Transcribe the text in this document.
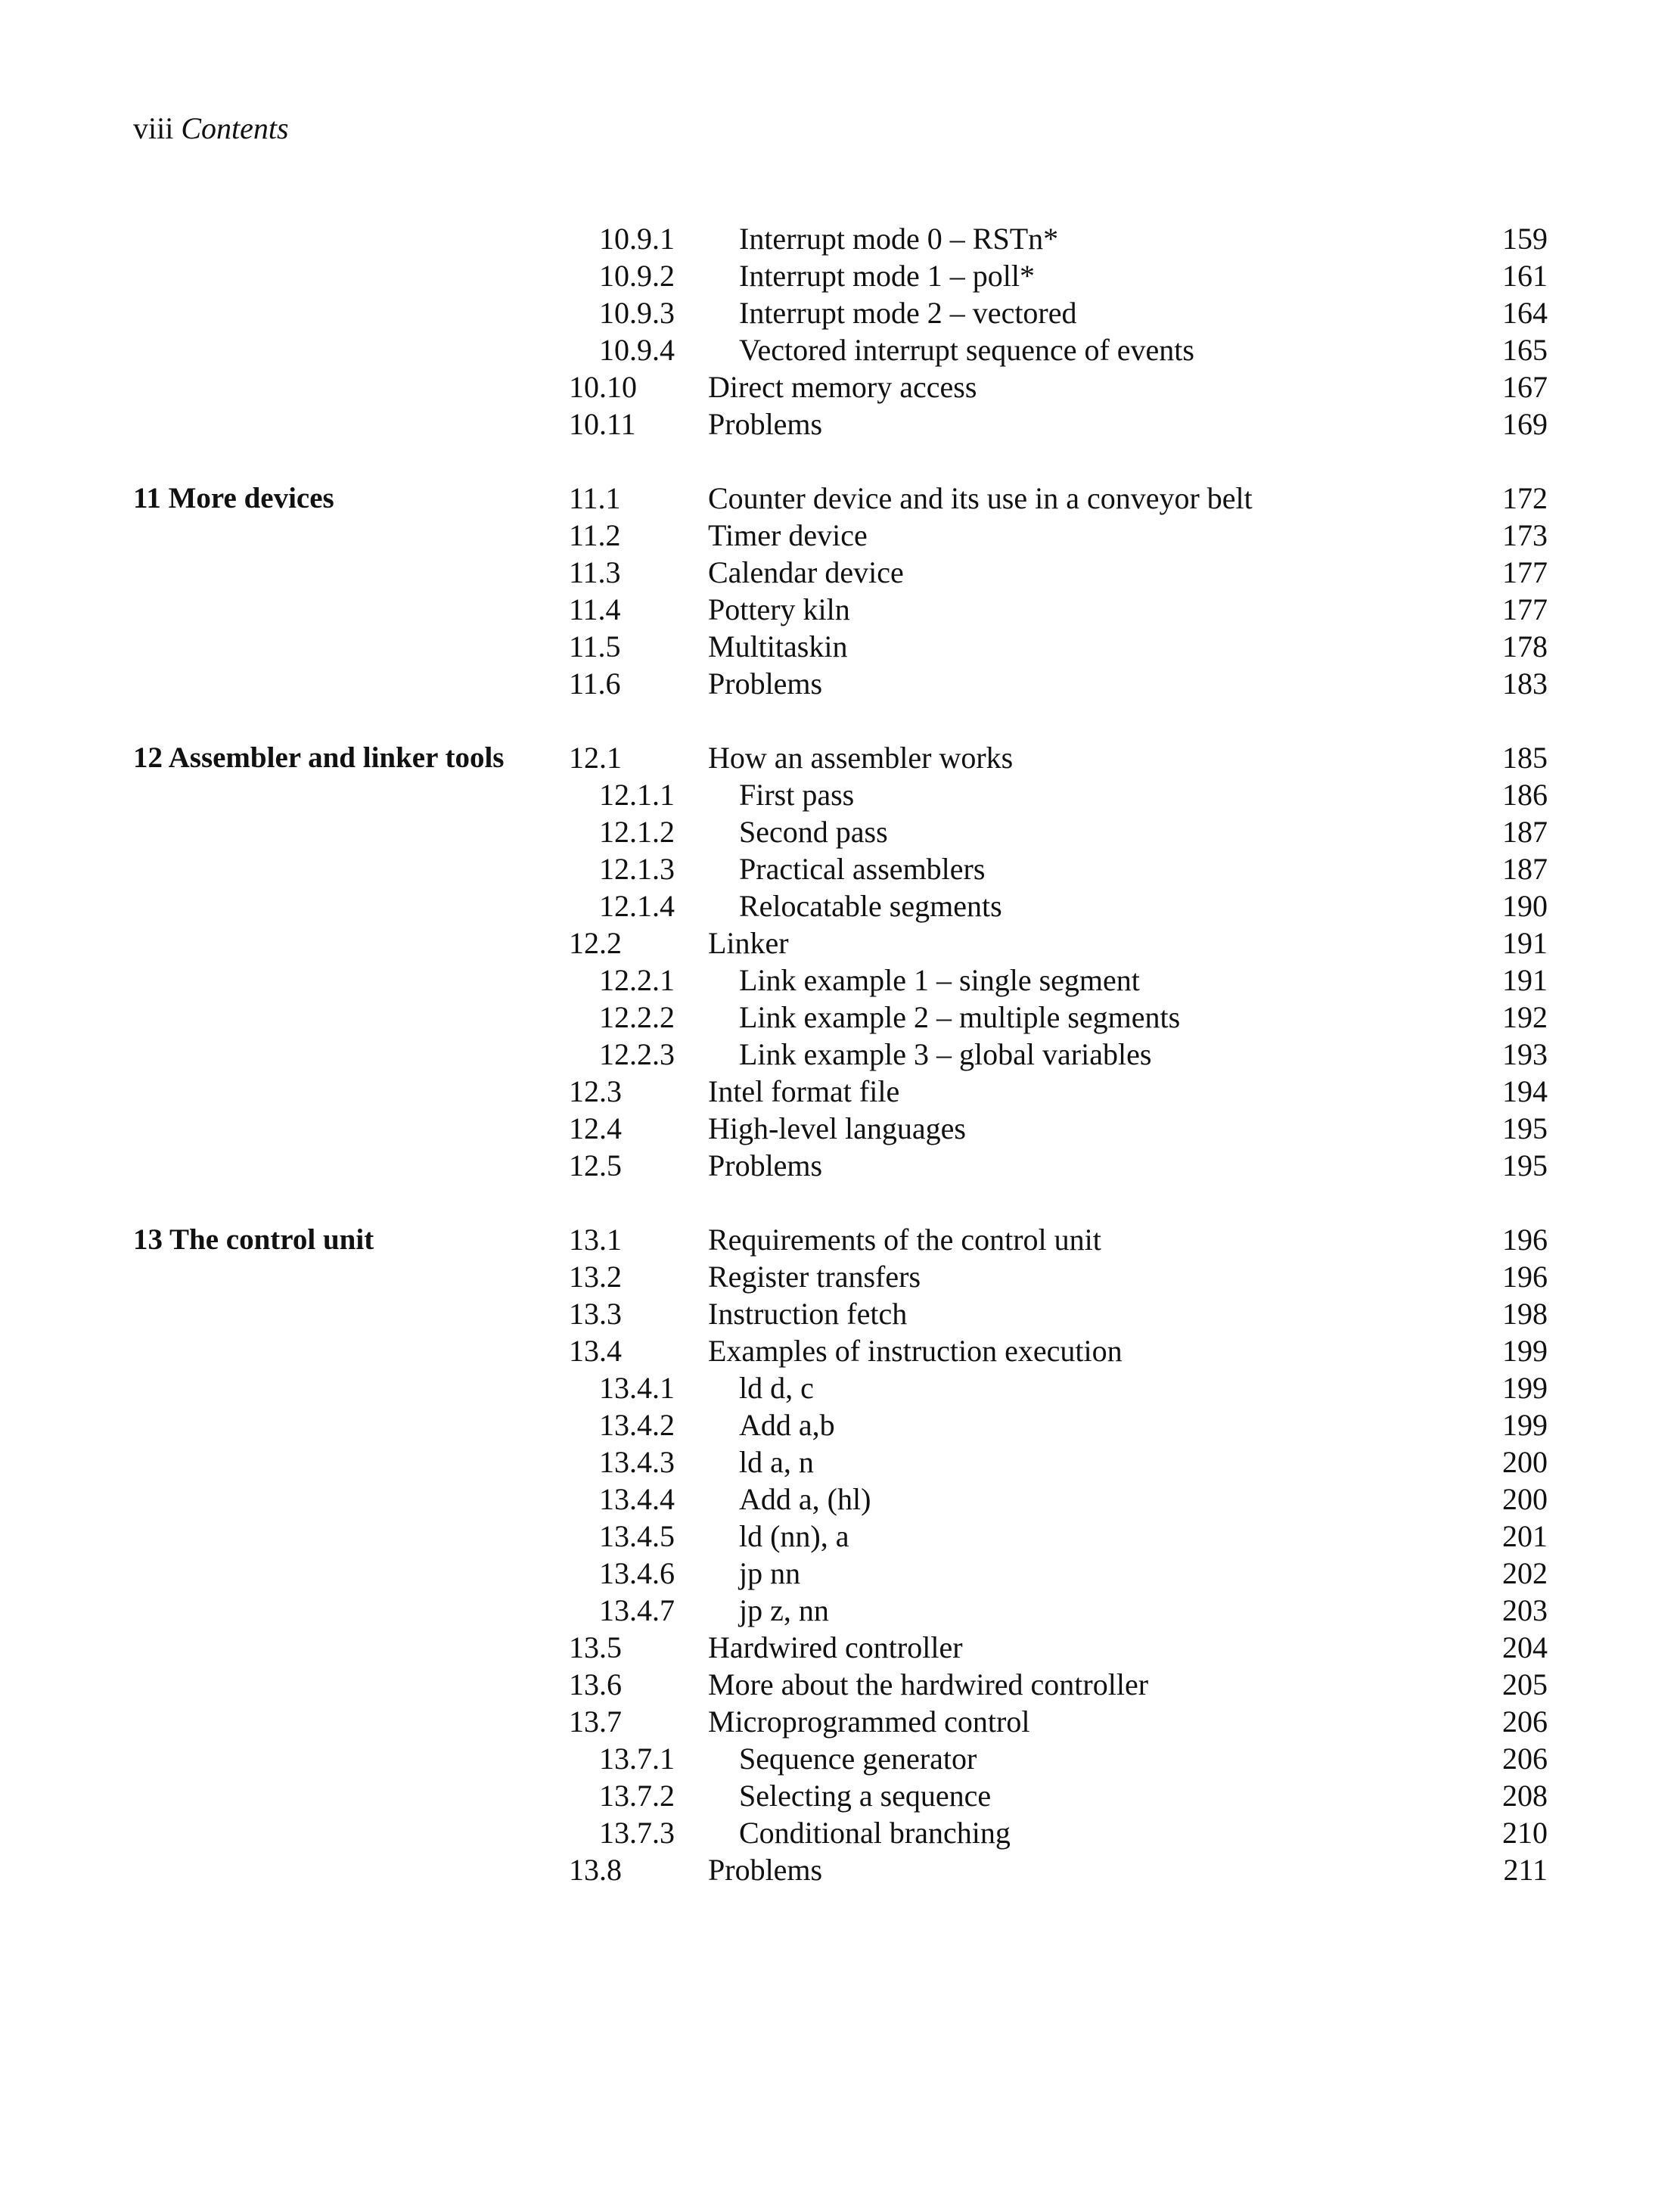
viii Contents
10.9.1 Interrupt mode 0 – RSTn*	159
10.9.2 Interrupt mode 1 – poll*	161
10.9.3 Interrupt mode 2 – vectored	164
10.9.4 Vectored interrupt sequence of events	165
10.10 Direct memory access	167
10.11 Problems	169
11 More devices	11.1	Counter device and its use in a conveyor belt	172
11.2	Timer device	173
11.3	Calendar device	177
11.4	Pottery kiln	177
11.5	Multitaskin	178
11.6	Problems	183
12 Assembler and linker tools	12.1	How an assembler works	185
12.1.1 First pass	186
12.1.2 Second pass	187
12.1.3 Practical assemblers	187
12.1.4 Relocatable segments	190
12.2	Linker	191
12.2.1 Link example 1 – single segment	191
12.2.2 Link example 2 – multiple segments	192
12.2.3 Link example 3 – global variables	193
12.3	Intel format file	194
12.4	High-level languages	195
12.5	Problems	195
13 The control unit	13.1	Requirements of the control unit	196
13.2	Register transfers	196
13.3	Instruction fetch	198
13.4	Examples of instruction execution	199
13.4.1 ld d, c	199
13.4.2 Add a,b	199
13.4.3 ld a, n	200
13.4.4 Add a, (hl)	200
13.4.5 ld (nn), a	201
13.4.6 jp nn	202
13.4.7 jp z, nn	203
13.5	Hardwired controller	204
13.6	More about the hardwired controller	205
13.7	Microprogrammed control	206
13.7.1 Sequence generator	206
13.7.2 Selecting a sequence	208
13.7.3 Conditional branching	210
13.8	Problems	211
